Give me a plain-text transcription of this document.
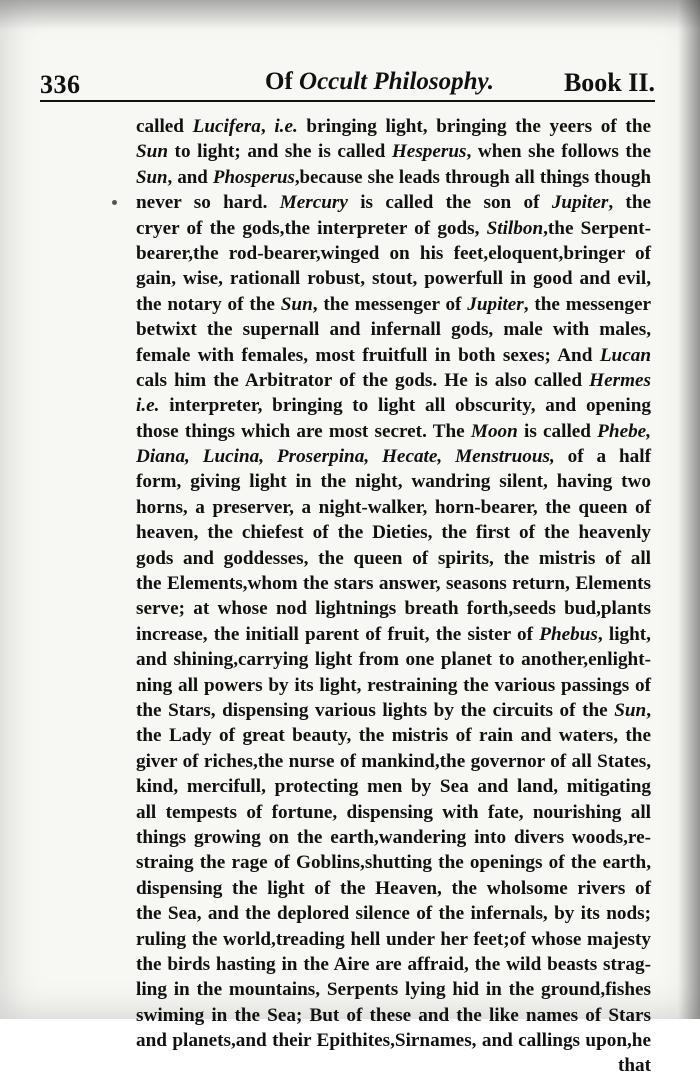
336	Of Occult Philosophy.	Book II.
called Lucifera, i.e. bringing light, bringing the yeers of the
Sun to light; and she is called Hesperus, when she follows the
Sun, and Phosperus,because she leads through all things though
never so hard. Mercury is called the son of Jupiter, the
cryer of the gods,the interpreter of gods, Stilbon,the Serpent-
bearer,the rod-bearer,winged on his feet,eloquent,bringer of
gain, wise, rationall robust, stout, powerfull in good and evil,
the notary of the Sun, the messenger of Jupiter, the messenger
betwixt the supernall and infernall gods, male with males,
female with females, most fruitfull in both sexes; And Lucan
cals him the Arbitrator of the gods. He is also called Hermes
i.e. interpreter, bringing to light all obscurity, and opening
those things which are most secret. The Moon is called Phebe,
Diana, Lucina, Proserpina, Hecate, Menstruous, of a half
form, giving light in the night, wandring silent, having two
horns, a preserver, a night-walker, horn-bearer, the queen of
heaven, the chiefest of the Dieties, the first of the heavenly
gods and goddesses, the queen of spirits, the mistris of all
the Elements,whom the stars answer, seasons return, Elements
serve; at whose nod lightnings breath forth,seeds bud,plants
increase, the initiall parent of fruit, the sister of Phebus, light,
and shining,carrying light from one planet to another,enlight-
ning all powers by its light, restraining the various passings of
the Stars, dispensing various lights by the circuits of the Sun,
the Lady of great beauty, the mistris of rain and waters, the
giver of riches,the nurse of mankind,the governor of all States,
kind, mercifull, protecting men by Sea and land, mitigating
all tempests of fortune, dispensing with fate, nourishing all
things growing on the earth,wandering into divers woods,re-
straing the rage of Goblins,shutting the openings of the earth,
dispensing the light of the Heaven, the wholsome rivers of
the Sea, and the deplored silence of the infernals, by its nods;
ruling the world,treading hell under her feet;of whose majesty
the birds hasting in the Aire are affraid, the wild beasts strag-
ling in the mountains, Serpents lying hid in the ground,fishes
swiming in the Sea; But of these and the like names of Stars
and planets,and their Epithites,Sirnames, and callings upon,he
that
